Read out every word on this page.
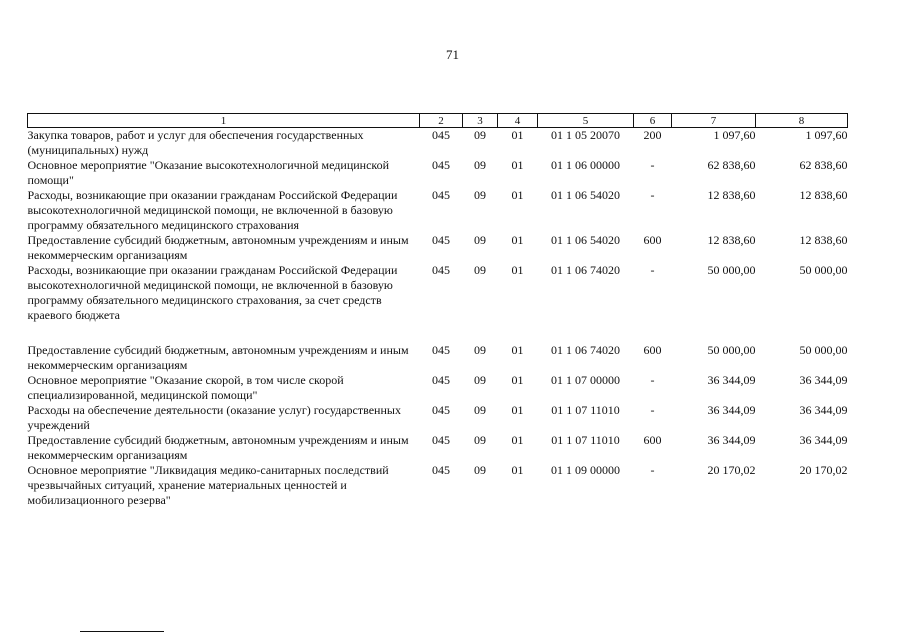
71
1	2	3	4	5	6	7	8
Закупка товаров, работ и услуг для обеспечения государственных (муниципальных) нужд	045	09	01	01 1 05 20070	200	1 097,60	1 097,60
Основное мероприятие "Оказание высокотехнологичной медицинской помощи"	045	09	01	01 1 06 00000	-	62 838,60	62 838,60
Расходы, возникающие при оказании гражданам Российской Федерации высокотехнологичной медицинской помощи, не включенной в базовую программу обязательного медицинского страхования	045	09	01	01 1 06 54020	-	12 838,60	12 838,60
Предоставление субсидий бюджетным, автономным учреждениям и иным некоммерческим организациям	045	09	01	01 1 06 54020	600	12 838,60	12 838,60
Расходы, возникающие при оказании гражданам Российской Федерации высокотехнологичной медицинской помощи, не включенной в базовую программу обязательного медицинского страхования, за счет средств краевого бюджета	045	09	01	01 1 06 74020	-	50 000,00	50 000,00
Предоставление субсидий бюджетным, автономным учреждениям и иным некоммерческим организациям	045	09	01	01 1 06 74020	600	50 000,00	50 000,00
Основное мероприятие "Оказание скорой, в том числе скорой специализированной, медицинской помощи"	045	09	01	01 1 07 00000	-	36 344,09	36 344,09
Расходы на обеспечение деятельности (оказание услуг) государственных учреждений	045	09	01	01 1 07 11010	-	36 344,09	36 344,09
Предоставление субсидий бюджетным, автономным учреждениям и иным некоммерческим организациям	045	09	01	01 1 07 11010	600	36 344,09	36 344,09
Основное мероприятие "Ликвидация медико-санитарных последствий чрезвычайных ситуаций, хранение материальных ценностей и мобилизационного резерва"	045	09	01	01 1 09 00000	-	20 170,02	20 170,02
